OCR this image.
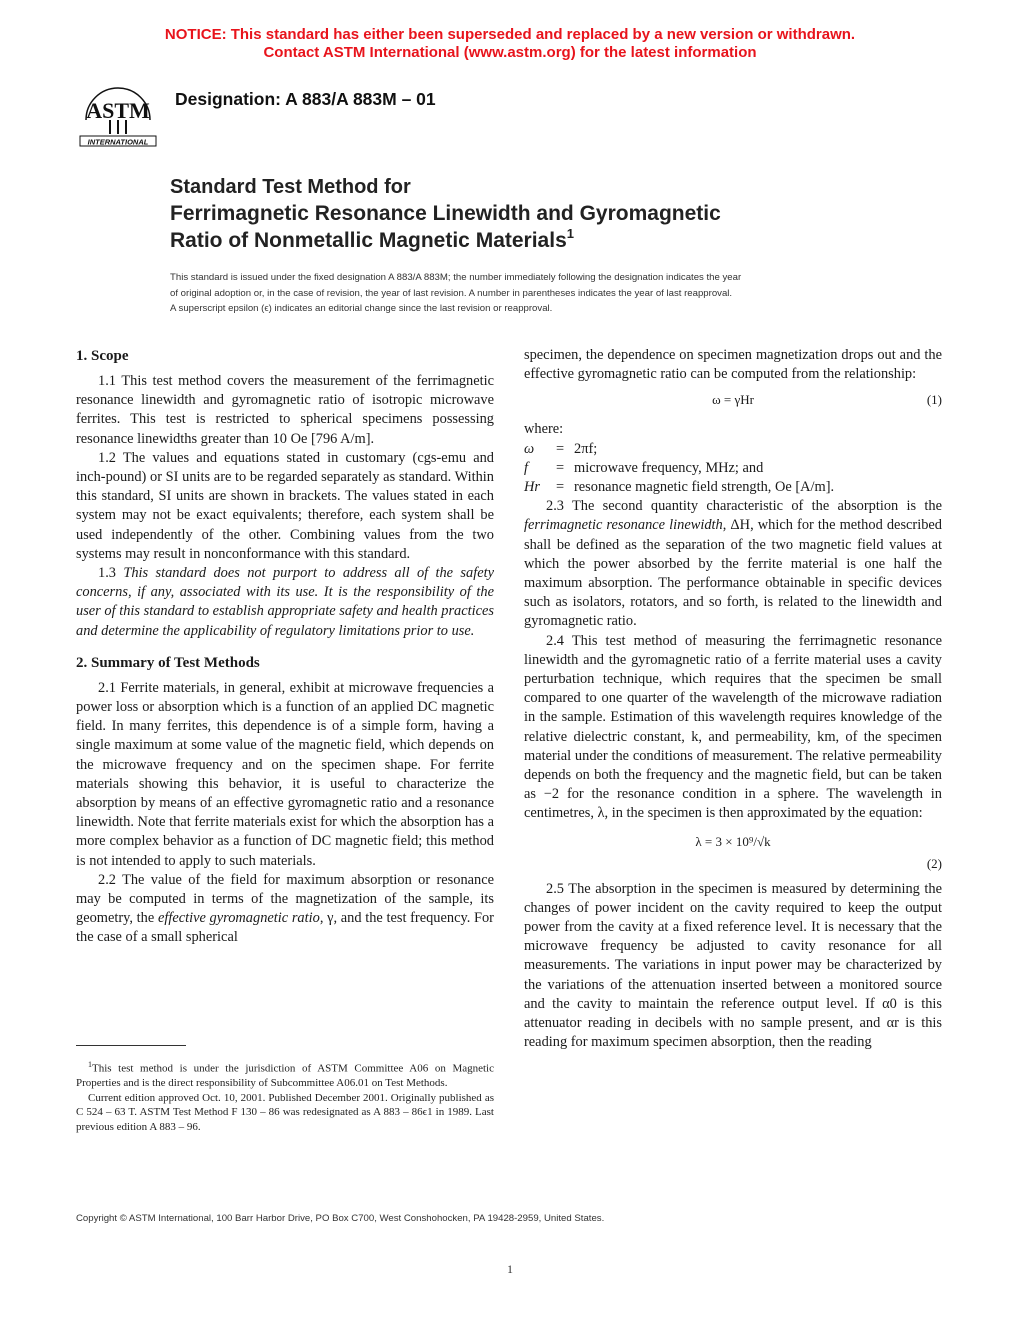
NOTICE: This standard has either been superseded and replaced by a new version or withdrawn.
Contact ASTM International (www.astm.org) for the latest information
ASTM
INTERNATIONAL
Designation: A 883/A 883M – 01
Standard Test Method for
Ferrimagnetic Resonance Linewidth and Gyromagnetic
Ratio of Nonmetallic Magnetic Materials$^1$
This standard is issued under the fixed designation A 883/A 883M; the number immediately following the designation indicates the year
of original adoption or, in the case of revision, the year of last revision. A number in parentheses indicates the year of last reapproval.
A superscript epsilon (ϵ) indicates an editorial change since the last revision or reapproval.
1. Scope

1.1 This test method covers the measurement of the ferrimagnetic resonance linewidth and gyromagnetic ratio of isotropic microwave ferrites. This test is restricted to spherical specimens possessing resonance linewidths greater than 10 Oe [796 A/m].

1.2 The values and equations stated in customary (cgs-emu and inch-pound) or SI units are to be regarded separately as standard. Within this standard, SI units are shown in brackets. The values stated in each system may not be exact equivalents; therefore, each system shall be used independently of the other. Combining values from the two systems may result in nonconformance with this standard.

1.3 This standard does not purport to address all of the safety concerns, if any, associated with its use. It is the responsibility of the user of this standard to establish appropriate safety and health practices and determine the applicability of regulatory limitations prior to use.

2. Summary of Test Methods

2.1 Ferrite materials, in general, exhibit at microwave frequencies a power loss or absorption which is a function of an applied DC magnetic field. In many ferrites, this dependence is of a simple form, having a single maximum at some value of the magnetic field, which depends on the microwave frequency and on the specimen shape. For ferrite materials showing this behavior, it is useful to characterize the absorption by means of an effective gyromagnetic ratio and a resonance linewidth. Note that ferrite materials exist for which the absorption has a more complex behavior as a function of DC magnetic field; this method is not intended to apply to such materials.

2.2 The value of the field for maximum absorption or resonance may be computed in terms of the magnetization of the sample, its geometry, the effective gyromagnetic ratio, γ, and the test frequency. For the case of a small spherical

specimen, the dependence on specimen magnetization drops out and the effective gyromagnetic ratio can be computed from the relationship:

ω = γHr	(1)
where:
ω	= 2πf;
f	= microwave frequency, MHz; and
Hr	= resonance magnetic field strength, Oe [A/m].

2.3 The second quantity characteristic of the absorption is the ferrimagnetic resonance linewidth, ΔH, which for the method described shall be defined as the separation of the two magnetic field values at which the power absorbed by the ferrite material is one half the maximum absorption. The performance obtainable in specific devices such as isolators, rotators, and so forth, is related to the linewidth and gyromagnetic ratio.

2.4 This test method of measuring the ferrimagnetic resonance linewidth and the gyromagnetic ratio of a ferrite material uses a cavity perturbation technique, which requires that the specimen be small compared to one quarter of the wavelength of the microwave radiation in the sample. Estimation of this wavelength requires knowledge of the relative dielectric constant, k, and permeability, km, of the specimen material under the conditions of measurement. The relative permeability depends on both the frequency and the magnetic field, but can be taken as −2 for the resonance condition in a sphere. The wavelength in centimetres, λ, in the specimen is then approximated by the equation:

λ = 3 × 10⁹/√k
(2)

2.5 The absorption in the specimen is measured by determining the changes of power incident on the cavity required to keep the output power from the cavity at a fixed reference level. It is necessary that the microwave frequency be adjusted to cavity resonance for all measurements. The variations in input power may be characterized by the variations of the attenuation inserted between a monitored source and the cavity to maintain the reference output level. If α0 is this attenuator reading in decibels with no sample present, and αr is this reading for maximum specimen absorption, then the reading

$^1$This test method is under the jurisdiction of ASTM Committee A06 on Magnetic Properties and is the direct responsibility of Subcommittee A06.01 on Test Methods.

Current edition approved Oct. 10, 2001. Published December 2001. Originally published as C 524 – 63 T. ASTM Test Method F 130 – 86 was redesignated as A 883 – 86ϵ1 in 1989. Last previous edition A 883 – 96.

Copyright © ASTM International, 100 Barr Harbor Drive, PO Box C700, West Conshohocken, PA 19428-2959, United States.
1
